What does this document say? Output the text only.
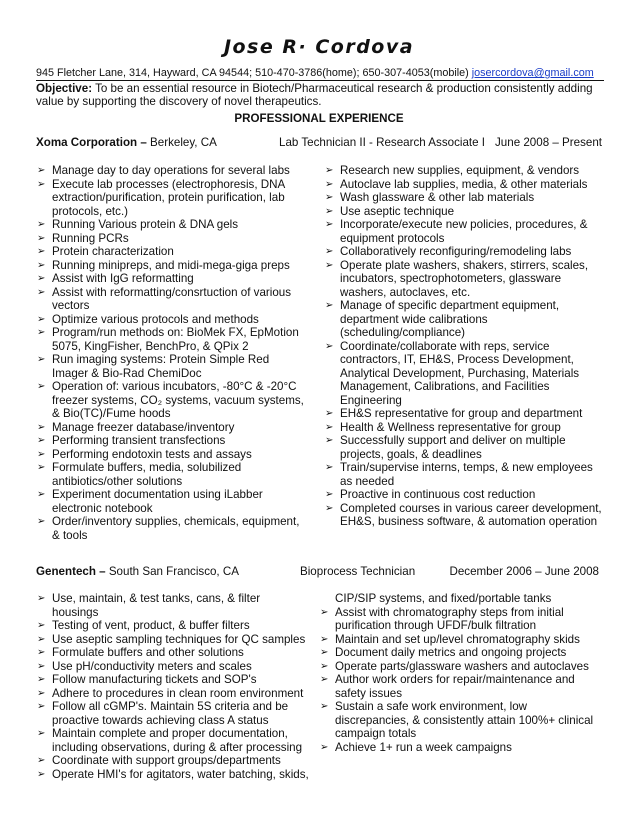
Jose R· Cordova
945 Fletcher Lane, 314, Hayward, CA 94544; 510-470-3786(home); 650-307-4053(mobile) josercordova@gmail.com
Objective: To be an essential resource in Biotech/Pharmaceutical research & production consistently adding value by supporting the discovery of novel therapeutics.
PROFESSIONAL EXPERIENCE
Xoma Corporation – Berkeley, CA	Lab Technician II - Research Associate I June 2008 – Present
➢ Manage day to day operations for several labs
➢ Execute lab processes (electrophoresis, DNA extraction/purification, protein purification, lab protocols, etc.)
➢ Running Various protein & DNA gels
➢ Running PCRs
➢ Protein characterization
➢ Running minipreps, and midi-mega-giga preps
➢ Assist with IgG reformatting
➢ Assist with reformatting/consrtuction of various vectors
➢ Optimize various protocols and methods
➢ Program/run methods on: BioMek FX, EpMotion 5075, KingFisher, BenchPro, & QPix 2
➢ Run imaging systems: Protein Simple Red Imager & Bio-Rad ChemiDoc
➢ Operation of: various incubators, -80°C & -20°C freezer systems, CO₂ systems, vacuum systems, & Bio(TC)/Fume hoods
➢ Manage freezer database/inventory
➢ Performing transient transfections
➢ Performing endotoxin tests and assays
➢ Formulate buffers, media, solubilized antibiotics/other solutions
➢ Experiment documentation using iLabber electronic notebook
➢ Order/inventory supplies, chemicals, equipment, & tools
➢ Research new supplies, equipment, & vendors
➢ Autoclave lab supplies, media, & other materials
➢ Wash glassware & other lab materials
➢ Use aseptic technique
➢ Incorporate/execute new policies, procedures, & equipment protocols
➢ Collaboratively reconfiguring/remodeling labs
➢ Operate plate washers, shakers, stirrers, scales, incubators, spectrophotometers, glassware washers, autoclaves, etc.
➢ Manage of specific department equipment, department wide calibrations (scheduling/compliance)
➢ Coordinate/collaborate with reps, service contractors, IT, EH&S, Process Development, Analytical Development, Purchasing, Materials Management, Calibrations, and Facilities Engineering
➢ EH&S representative for group and department
➢ Health & Wellness representative for group
➢ Successfully support and deliver on multiple projects, goals, & deadlines
➢ Train/supervise interns, temps, & new employees as needed
➢ Proactive in continuous cost reduction
➢ Completed courses in various career development, EH&S, business software, & automation operation
Genentech – South San Francisco, CA	Bioprocess Technician	December 2006 – June 2008
➢ Use, maintain, & test tanks, cans, & filter housings
➢ Testing of vent, product, & buffer filters
➢ Use aseptic sampling techniques for QC samples
➢ Formulate buffers and other solutions
➢ Use pH/conductivity meters and scales
➢ Follow manufacturing tickets and SOP's
➢ Adhere to procedures in clean room environment
➢ Follow all cGMP's. Maintain 5S criteria and be proactive towards achieving class A status
➢ Maintain complete and proper documentation, including observations, during & after processing
➢ Coordinate with support groups/departments
➢ Operate HMI's for agitators, water batching, skids,
CIP/SIP systems, and fixed/portable tanks
➢ Assist with chromatography steps from initial purification through UFDF/bulk filtration
➢ Maintain and set up/level chromatography skids
➢ Document daily metrics and ongoing projects
➢ Operate parts/glassware washers and autoclaves
➢ Author work orders for repair/maintenance and safety issues
➢ Sustain a safe work environment, low discrepancies, & consistently attain 100%+ clinical campaign totals
➢ Achieve 1+ run a week campaigns
